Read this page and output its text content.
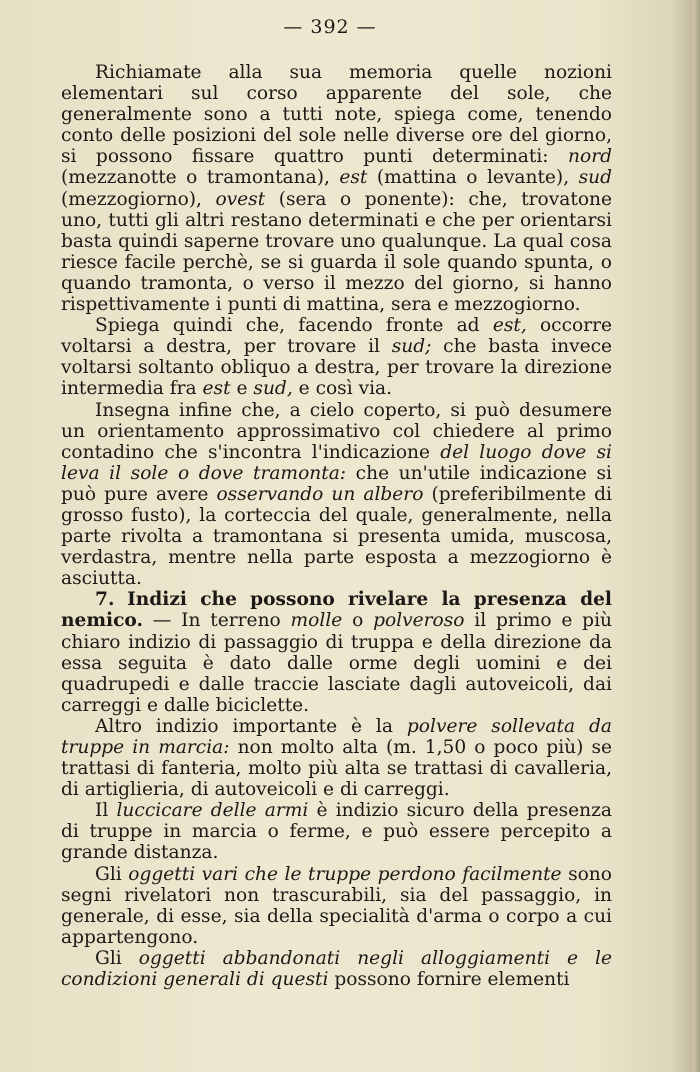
— 392 —

Richiamate alla sua memoria quelle nozioni elementari sul corso apparente del sole, che generalmente sono a tutti note, spiega come, tenendo conto delle posizioni del sole nelle diverse ore del giorno, si possono fissare quattro punti determinati: nord (mezzanotte o tramontana), est (mattina o levante), sud (mezzogiorno), ovest (sera o ponente): che, trovatone uno, tutti gli altri restano determinati e che per orientarsi basta quindi saperne trovare uno qualunque. La qual cosa riesce facile perchè, se si guarda il sole quando spunta, o quando tramonta, o verso il mezzo del giorno, si hanno rispettivamente i punti di mattina, sera e mezzogiorno.

Spiega quindi che, facendo fronte ad est, occorre voltarsi a destra, per trovare il sud; che basta invece voltarsi soltanto obliquo a destra, per trovare la direzione intermedia fra est e sud, e così via.

Insegna infine che, a cielo coperto, si può desumere un orientamento approssimativo col chiedere al primo contadino che s'incontra l'indicazione del luogo dove si leva il sole o dove tramonta: che un'utile indicazione si può pure avere osservando un albero (preferibilmente di grosso fusto), la corteccia del quale, generalmente, nella parte rivolta a tramontana si presenta umida, muscosa, verdastra, mentre nella parte esposta a mezzogiorno è asciutta.

7. Indizi che possono rivelare la presenza del nemico. — In terreno molle o polveroso il primo e più chiaro indizio di passaggio di truppa e della direzione da essa seguita è dato dalle orme degli uomini e dei quadrupedi e dalle traccie lasciate dagli autoveicoli, dai carreggi e dalle biciclette.

Altro indizio importante è la polvere sollevata da truppe in marcia: non molto alta (m. 1,50 o poco più) se trattasi di fanteria, molto più alta se trattasi di cavalleria, di artiglieria, di autoveicoli e di carreggi.

Il luccicare delle armi è indizio sicuro della presenza di truppe in marcia o ferme, e può essere percepito a grande distanza.

Gli oggetti vari che le truppe perdono facilmente sono segni rivelatori non trascurabili, sia del passaggio, in generale, di esse, sia della specialità d'arma o corpo a cui appartengono.

Gli oggetti abbandonati negli alloggiamenti e le condizioni generali di questi possono fornire elementi
